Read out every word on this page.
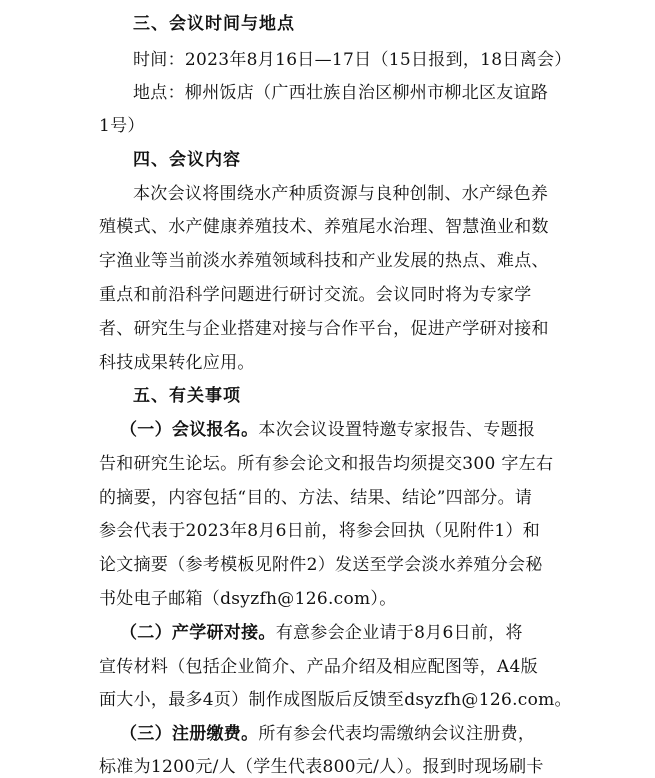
三、会议时间与地点
时间：2023年8月16日—17日（15日报到，18日离会）
地点：柳州饭店（广西壮族自治区柳州市柳北区友谊路
1号）
四、会议内容
本次会议将围绕水产种质资源与良种创制、水产绿色养
殖模式、水产健康养殖技术、养殖尾水治理、智慧渔业和数
字渔业等当前淡水养殖领域科技和产业发展的热点、难点、
重点和前沿科学问题进行研讨交流。会议同时将为专家学
者、研究生与企业搭建对接与合作平台，促进产学研对接和
科技成果转化应用。
五、有关事项
（一）会议报名。本次会议设置特邀专家报告、专题报
告和研究生论坛。所有参会论文和报告均须提交300 字左右
的摘要，内容包括“目的、方法、结果、结论”四部分。请
参会代表于2023年8月6日前，将参会回执（见附件1）和
论文摘要（参考模板见附件2）发送至学会淡水养殖分会秘
书处电子邮箱（dsyzfh@126.com）。
（二）产学研对接。有意参会企业请于8月6日前，将
宣传材料（包括企业简介、产品介绍及相应配图等，A4版
面大小，最多4页）制作成图版后反馈至dsyzfh@126.com。
（三）注册缴费。所有参会代表均需缴纳会议注册费，
标准为1200元/人（学生代表800元/人）。报到时现场刷卡
